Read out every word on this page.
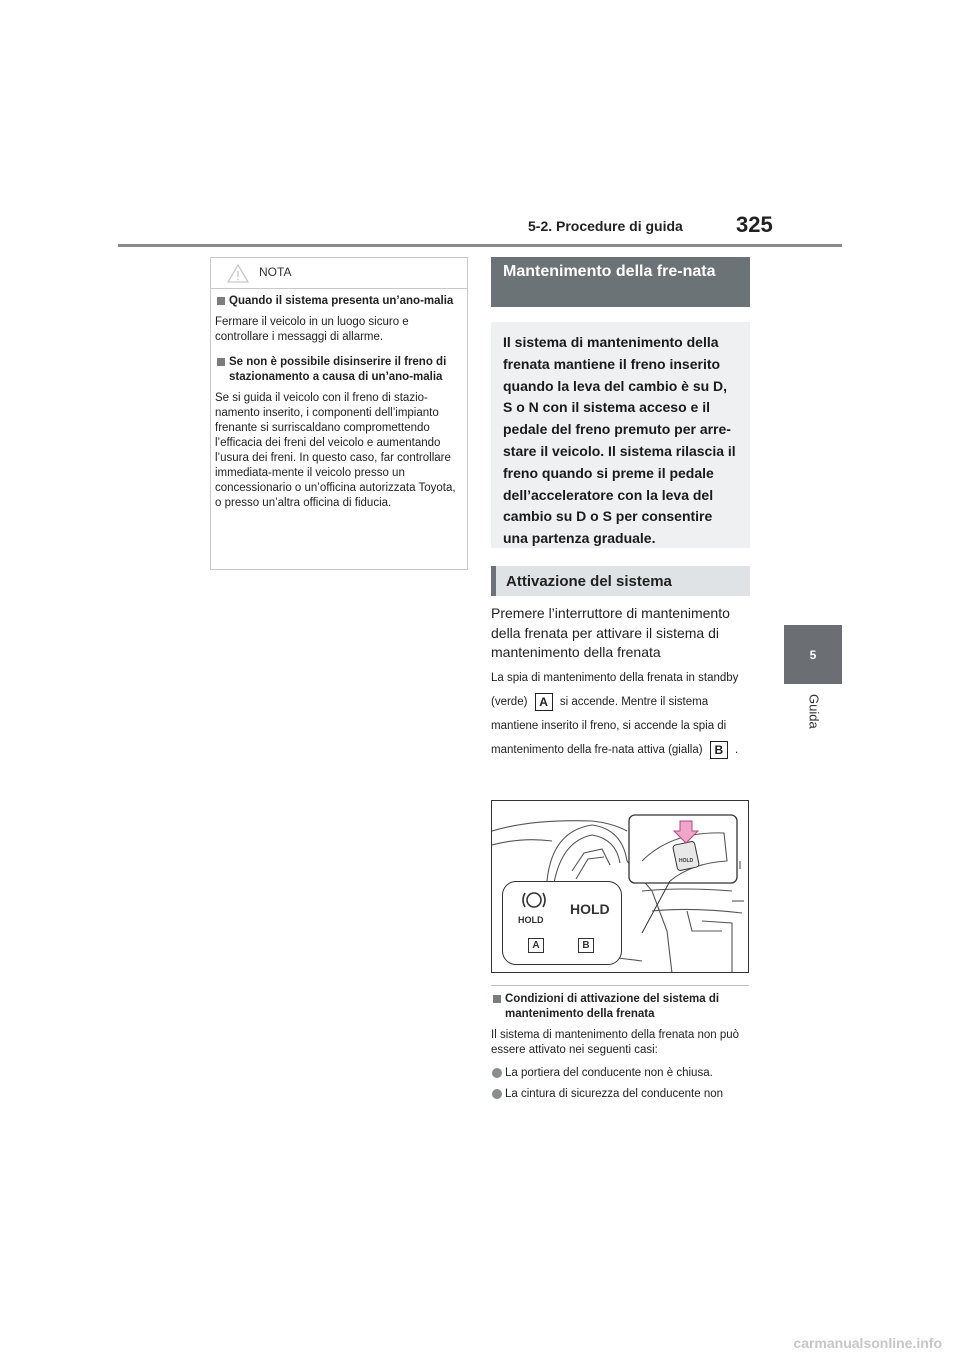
5-2. Procedure di guida 325
5
Guida
NOTA

Quando il sistema presenta un’ano-malia

Fermare il veicolo in un luogo sicuro e controllare i messaggi di allarme.

Se non è possibile disinserire il freno di stazionamento a causa di un’ano-malia

Se si guida il veicolo con il freno di stazio-namento inserito, i componenti dell’impianto frenante si surriscaldano compromettendo l’efficacia dei freni del veicolo e aumentando l’usura dei freni. In questo caso, far controllare immediata-mente il veicolo presso un concessionario o un’officina autorizzata Toyota, o presso un’altra officina di fiducia.

Mantenimento della fre-nata
Il sistema di mantenimento della frenata mantiene il freno inserito quando la leva del cambio è su D, S o N con il sistema acceso e il pedale del freno premuto per arre-stare il veicolo. Il sistema rilascia il freno quando si preme il pedale dell’acceleratore con la leva del cambio su D o S per consentire una partenza graduale.
Attivazione del sistema
Premere l’interruttore di mantenimento della frenata per attivare il sistema di mantenimento della frenata
La spia di mantenimento della frenata in standby (verde) A si accende. Mentre il sistema mantiene inserito il freno, si accende la spia di mantenimento della fre-nata attiva (gialla) B .
HOLD
HOLD
A	B
HOLD

Condizioni di attivazione del sistema di mantenimento della frenata

Il sistema di mantenimento della frenata non può essere attivato nei seguenti casi:

La portiera del conducente non è chiusa.

La cintura di sicurezza del conducente non

carmanualsonline.info
